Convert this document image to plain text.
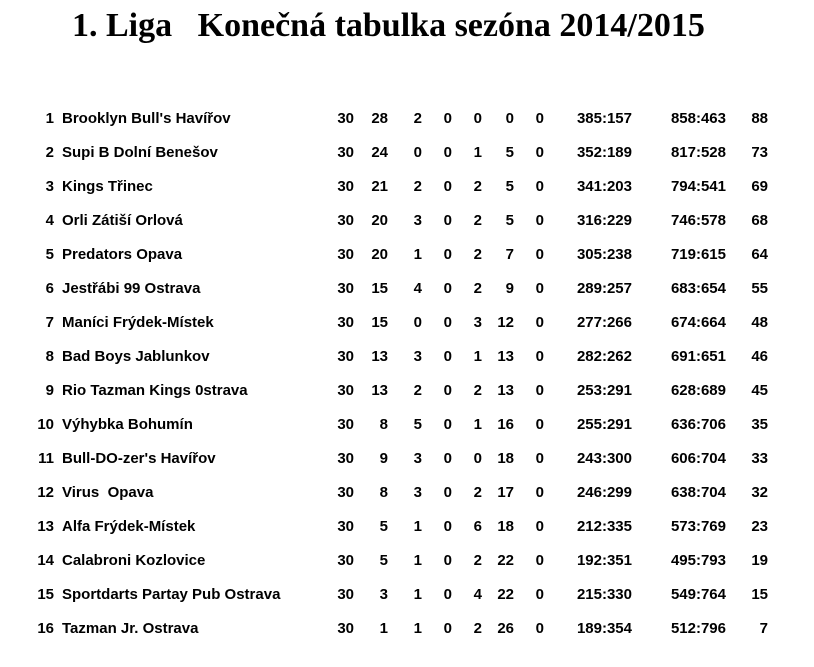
1. Liga   Konečná tabulka sezóna 2014/2015
1 Brooklyn Bull's Havířov	30	28	2	0	0	0	0	385:157	858:463	88
2 Supi B Dolní Benešov	30	24	0	0	1	5	0	352:189	817:528	73
3 Kings Třinec	30	21	2	0	2	5	0	341:203	794:541	69
4 Orli Zátiší Orlová	30	20	3	0	2	5	0	316:229	746:578	68
5 Predators Opava	30	20	1	0	2	7	0	305:238	719:615	64
6 Jestřábi 99 Ostrava	30	15	4	0	2	9	0	289:257	683:654	55
7 Maníci Frýdek-Místek	30	15	0	0	3	12	0	277:266	674:664	48
8 Bad Boys Jablunkov	30	13	3	0	1	13	0	282:262	691:651	46
9 Rio Tazman Kings 0strava	30	13	2	0	2	13	0	253:291	628:689	45
10 Výhybka Bohumín	30	8	5	0	1	16	0	255:291	636:706	35
11 Bull-DO-zer's Havířov	30	9	3	0	0	18	0	243:300	606:704	33
12 Virus  Opava	30	8	3	0	2	17	0	246:299	638:704	32
13 Alfa Frýdek-Místek	30	5	1	0	6	18	0	212:335	573:769	23
14 Calabroni Kozlovice	30	5	1	0	2	22	0	192:351	495:793	19
15 Sportdarts Partay Pub Ostrava	30	3	1	0	4	22	0	215:330	549:764	15
16 Tazman Jr. Ostrava	30	1	1	0	2	26	0	189:354	512:796	7
